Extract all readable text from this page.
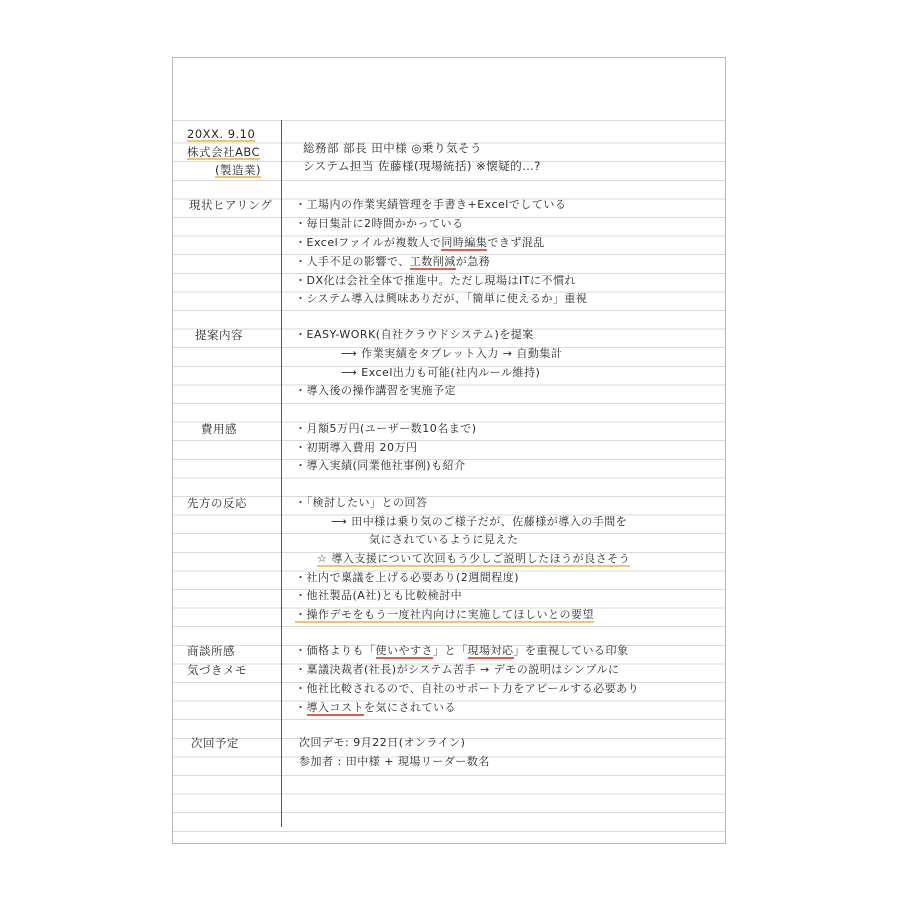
20XX. 9.10
株式会社ABC
(製造業)
総務部 部長 田中様 ◎乗り気そう
システム担当 佐藤様(現場統括) ※懐疑的…?
現状ヒアリング ・工場内の作業実績管理を手書き+Excelでしている
・毎日集計に2時間かかっている
・Excelファイルが複数人で同時編集できず混乱
・人手不足の影響で、工数削減が急務
・DX化は会社全体で推進中。ただし現場はITに不慣れ
・システム導入は興味ありだが、「簡単に使えるか」重視
提案内容	・EASY-WORK(自社クラウドシステム)を提案
⟶ 作業実績をタブレット入力 → 自動集計
⟶ Excel出力も可能(社内ルール維持)
・導入後の操作講習を実施予定
費用感	・月額5万円(ユーザー数10名まで)
・初期導入費用 20万円
・導入実績(同業他社事例)も紹介
先方の反応	・「検討したい」との回答
⟶ 田中様は乗り気のご様子だが、佐藤様が導入の手間を
気にされているように見えた
☆ 導入支援について次回もう少しご説明したほうが良さそう
・社内で稟議を上げる必要あり(2週間程度)
・他社製品(A社)とも比較検討中
・操作デモをもう一度社内向けに実施してほしいとの要望
商談所感
気づきメモ
・価格よりも「使いやすさ」と「現場対応」を重視している印象
・稟議決裁者(社長)がシステム苦手 → デモの説明はシンプルに
・他社比較されるので、自社のサポート力をアピールする必要あり
・導入コストを気にされている
次回予定	次回デモ: 9月22日(オンライン)
参加者 : 田中様 + 現場リーダー数名
